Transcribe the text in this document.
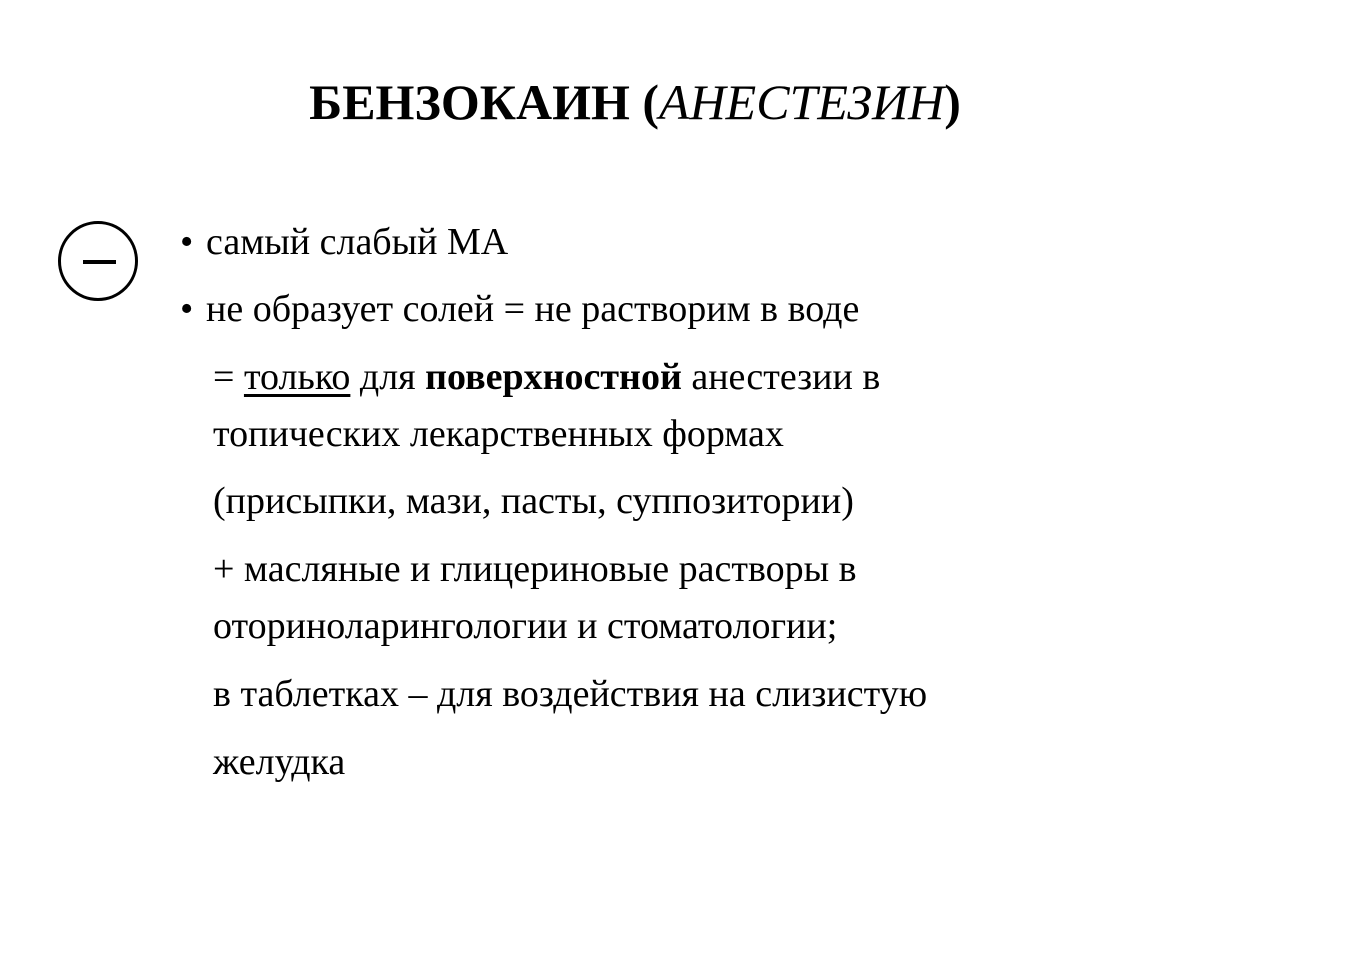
БЕНЗОКАИН (АНЕСТЕЗИН)
• самый слабый МА
• не образует солей = не растворим в воде
= только для поверхностной анестезии в
топических лекарственных формах
(присыпки, мази, пасты, суппозитории)
+ масляные и глицериновые растворы в
оториноларингологии и стоматологии;
в таблетках – для воздействия на слизистую
желудка
